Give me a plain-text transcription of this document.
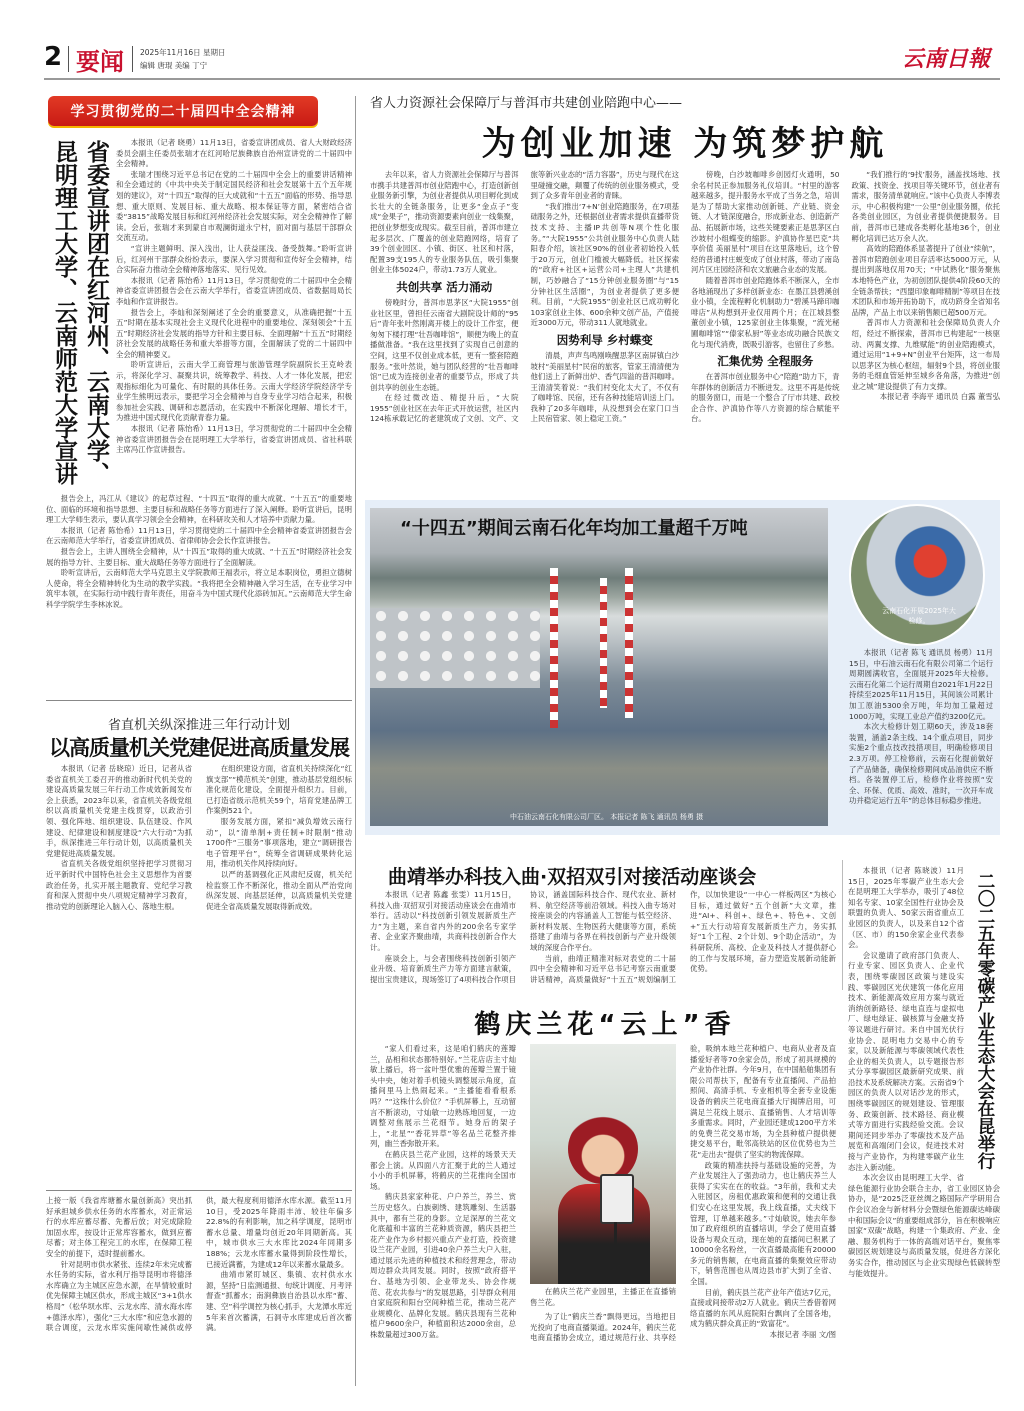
2 要闻 2025年11月16日 星期日
编辑 唐琨 美编 丁宁	云南日報
学习贯彻党的二十届四中全会精神
省委宣讲团在红河州、云南大学、昆明理工大学、云南师范大学宣讲	本报讯（记者 晓勇）11月13日，省委宣讲团成员、省人大财政经济委员会副主任委员张瑞才在红河哈尼族彝族自治州宣讲党的二十届四中全会精神。

张瑞才围绕习近平总书记在党的二十届四中全会上的重要讲话精神和全会通过的《中共中央关于制定国民经济和社会发展第十五个五年规划的建议》，对“十四五”取得的巨大成就和“十五五”面临的形势、指导思想、重大原则、发展目标、重大战略、根本保证等方面，紧密结合省委“3815”战略发展目标和红河州经济社会发展实际，对全会精神作了解读。会后，张瑞才来到蒙自市观澜街道永宁村，面对面与基层干部群众交流互动。

“宣讲主题鲜明、深入浅出，让人获益匪浅、备受鼓舞。”聆听宣讲后，红河州干部群众纷纷表示，要深入学习贯彻和宣传好全会精神，结合实际奋力推动全会精神落地落实、见行见效。

本报讯（记者 陈怡希）11月13日，学习贯彻党的二十届四中全会精神省委宣讲团报告会在云南大学举行，省委宣讲团成员、省数据局局长李灿和作宣讲报告。

报告会上，李灿和深刻阐述了全会的重要意义，从准确把握“十五五”时期在基本实现社会主义现代化进程中的重要地位、深刻领会“十五五”时期经济社会发展的指导方针和主要目标、全面理解“十五五”时期经济社会发展的战略任务和重大举措等方面，全面解读了党的二十届四中全会的精神要义。

聆听宣讲后，云南大学工商管理与旅游管理学院副院长王克岭表示，将深化学习、凝聚共识，统筹教学、科技、人才一体化发展，把宏观指标细化为可量化、有时限的具体任务。云南大学经济学院经济学专业学生熊明远表示，要把学习全会精神与自身专业学习结合起来，积极参加社会实践、调研和志愿活动，在实践中不断深化理解、增长才干，为推进中国式现代化贡献青春力量。

本报讯（记者 陈怡希）11月13日，学习贯彻党的二十届四中全会精神省委宣讲团报告会在昆明理工大学举行，省委宣讲团成员、省社科联主席冯江作宣讲报告。

报告会上，冯江从《建议》的起草过程、“十四五”取得的重大成就、“十五五”的重要地位、面临的环境和指导思想、主要目标和战略任务等方面进行了深入阐释。聆听宣讲后，昆明理工大学师生表示，要认真学习领会全会精神，在科研攻关和人才培养中贡献力量。

本报讯（记者 陈怡希）11月13日，学习贯彻党的二十届四中全会精神省委宣讲团报告会在云南师范大学举行，省委宣讲团成员、省律师协会会长作宣讲报告。

报告会上，主讲人围绕全会精神，从“十四五”取得的重大成就、“十五五”时期经济社会发展的指导方针、主要目标、重大战略任务等方面进行了全面解读。

聆听宣讲后，云南师范大学马克思主义学院教师王福表示，将立足本职岗位，勇担立德树人使命，将全会精神转化为生动的教学实践。“我将把全会精神融入学习生活，在专业学习中筑牢本领，在实际行动中践行青年责任，用奋斗为中国式现代化添砖加瓦。”云南师范大学生命科学学院学生李林冰说。

省直机关纵深推进三年行动计划
以高质量机关党建促进高质量发展

本报讯（记者 岳晓琼）近日，记者从省委省直机关工委召开的推动新时代机关党的建设高质量发展三年行动工作成效新闻发布会上获悉，2023年以来，省直机关各级党组织以高质量机关党建主线贯穿，以政治引领、强化阵地、组织建设、队伍建设、作风建设、纪律建设和制度建设“六大行动”为抓手，纵深推进三年行动计划，以高质量机关党建促进高质量发展。

省直机关各级党组织坚持把学习贯彻习近平新时代中国特色社会主义思想作为首要政治任务，扎实开展主题教育、党纪学习教育和深入贯彻中央八项规定精神学习教育，推动党的创新理论入脑入心、落地生根。

在组织建设方面，省直机关持续深化“红旗支部”“模范机关”创建，推动基层党组织标准化规范化建设，全面提升组织力。目前，已打造省级示范机关59个，培育党建品牌工作案例521个。

服务发展方面，紧扣“减负增效云南行动”，以“清单制+责任制+时限制”推动1700件“三服务”事项落地，建立“调研报告电子管理平台”，统筹全省调研成果转化运用，推动机关作风持续向好。

以严的基调强化正风肃纪反腐，机关纪检监察工作不断深化，推动全面从严治党向纵深发展、向基层延伸，以高质量机关党建促进全省高质量发展取得新成效。

上接一版《我省库塘蓄水量创新高》突出抓好承担城乡供水任务的水库蓄水，对正常运行的水库应蓄尽蓄、先蓄后放；对完成除险加固水库，按设计正常库容蓄水，做到应蓄尽蓄；对主体工程完工的水库，在保障工程安全的前提下，适时提前蓄水。

针对昆明市供水紧张、连续2年未完成蓄水任务的实际，省水利厅指导昆明市将德泽水库确立为主城区应急水源，在旱情较重时优先保障主城区供水，形成主城区“3+1供水格局”（松华坝水库、云龙水库、清水海水库+德泽水库），强化“三大水库”和应急水源的联合调度，云龙水库实施间歇性减供或停供，最大程度利用德泽水库水源。截至11月10日，受2025年降雨丰沛、较往年偏多22.8%的有利影响，加之科学调度，昆明市蓄水总量、增量均创近20年同期新高。其中，城市供水三大水库比2024年同期多188%；云龙水库蓄水量得到阶段性增长，已接近满蓄，为建成12年以来蓄水量最多。

曲靖市紧盯城区、集镇、农村供水水源，坚持“日监测通报、旬统计调度、月考评督查”抓蓄水；南涧彝族自治县以水库“蓄、建、空”科学调控为核心抓手，大龙潭水库近5年来首次蓄满，石洞寺水库建成后首次蓄满。

省人力资源社会保障厅与普洱市共建创业陪跑中心——
为创业加速 为筑梦护航

去年以来，省人力资源社会保障厅与普洱市携手共建普洱市创业陪跑中心，打造创新创业服务新引擎，为创业者提供从项目孵化到成长壮大的全链条服务，让更多“金点子”变成“金果子”，推动资源要素向创业一线集聚，把创业梦想变成现实。截至目前，普洱市建立起多层次、广覆盖的创业陪跑网络，培育了39个创业园区、小镇、街区、社区和村落，配置39支195人的专业服务队伍，吸引集聚创业主体5024户，带动1.73万人就业。

共创共享 活力涌动

傍晚时分，普洱市思茅区“大院1955”创业社区里，曾担任云南省大剧院设计师的“95后”青年张叶然刚离开楼上的设计工作室，便匆匆下楼打理“壮吾咖啡馆”，顺便为晚上的直播做准备。“我在这里找到了实现自己创意的空间，这里不仅创业成本低，更有一整套陪跑服务。”张叶然说，她与团队经营的“壮吾咖啡馆”已成为连接创业者的重要节点，形成了共创共享的创业生态链。

在经过微改造、精提升后，“大院1955”创业社区在去年正式开放运营，社区内124栋承载记忆的老建筑成了文创、文产、文旅等新兴业态的“活力容器”，历史与现代在这里碰撞交融，颠覆了传统的创业服务模式，受到了众多青年创业者的青睐。

“我们推出‘7+N’创业陪跑服务，在7项基础服务之外，还根据创业者需求提供直播带货技术支持、主播IP共创等N项个性化服务。”“大院1955”公共创业服务中心负责人陆阳春介绍，该社区90%的创业者初始投入低于20万元，创业门槛被大幅降低。社区探索的“政府+社区+运营公司+主理人”共建机制，巧妙融合了“15分钟创业服务圈”与“15分钟社区生活圈”，为创业者提供了更多便利。目前，“大院1955”创业社区已成功孵化103家创业主体、600余种文创产品，产值接近3000万元，带动311人就地就业。

因势利导 乡村蝶变

清晨，声声鸟鸣刚唤醒思茅区南屏镇白沙坡村“美丽星村”民宿的旅客，管家王清清便为他们送上了新鲜出炉、香气四溢的普洱咖啡。王清清笑着说：“我们村变化太大了，不仅有了咖啡馆、民宿，还有各种技能培训送上门。我种了20多年咖啡，从没想到会在家门口当上民宿管家、领上稳定工资。”

傍晚，白沙坡咖啡乡创园灯火通明，50余名村民正参加服务礼仪培训。“村里的游客越来越多，提升服务水平成了当务之急，培训是为了帮助大家推动创新链、产业链、资金链、人才链深度融合，形成新业态、创造新产品、拓展新市场，这些关键要素正是思茅区白沙坡村小组蝶变的缩影。沪滇协作星巴克“共享价值 美丽星村”项目在这里落地后，这个曾经的普通村庄蜕变成了创业村落，带动了南岛河片区庄园经济和农文旅融合业态的发展。

随着普洱市创业陪跑体系不断深入，全市各地涌现出了多样创新业态：在墨江县碧溪创业小镇，全流程孵化机制助力“碧溪马蹄印咖啡店”从构想到开业仅用两个月；在江城县整董创业小镇，125家创业主体集聚，“流光秘圃咖啡馆”“傣家私厨”等业态成功融合民族文化与现代消费，既吸引游客，也留住了乡愁。

汇集优势 全程服务

在普洱市创业服务中心“陪跑”助力下，青年群体的创新活力不断迸发。这里不再是传统的服务窗口，而是一个整合了厅市共建、政校企合作、沪滇协作等八方资源的综合赋能平台。

“我们推行的‘9找’服务，涵盖找场地、找政策、找资金、找项目等关键环节，创业者有需求，服务清单就响应。”该中心负责人李博表示，中心积极构建“一公里”创业服务圈，依托各类创业园区，为创业者提供便捷服务。目前，普洱市已建成各类孵化基地36个，创业孵化培训已达万余人次。

高效的陪跑体系显著提升了创业“续航”，普洱市陪跑创业项目存活率达5000万元，从提出到落地仅用70天；“中试熟化”服务聚焦本地特色产业，为初创团队提供4阶段60天的全链条帮扶；“西盟印象咖啡精制”等项目在技术团队和市场开拓协助下，成功跻身全省知名品牌，产品上市以来销售额已超500万元。

普洱市人力资源和社会保障局负责人介绍，经过不断探索，普洱市已构建起“一核驱动、两翼支撑、九维赋能”的创业陪跑模式，通过运用“1+9+N”创业平台矩阵，这一布局以思茅区为核心枢纽，辐射9个县，将创业服务的毛细血管延伸至城乡各角落，为推进“创业之城”建设提供了有力支撑。

本报记者 李海平 通讯员 白露 董雪弘

“十四五”期间云南石化年均加工量超千万吨
中石油云南石化有限公司厂区。 本报记者 陈飞 通讯员 杨勇 摄
云南石化开展2025年大检修。

本报讯（记者 陈飞 通讯员 杨勇）11月15日，中石油云南石化有限公司第二个运行周期圆满收官，全面展开2025年大检修。云南石化第二个运行周期自2021年1月22日持续至2025年11月15日，其间该公司累计加工原油5300余万吨，年均加工量超过1000万吨，实现工业总产值约3200亿元。

本次大检修计划工期60天，涉及18套装置，涵盖2条主线、14个重点项目，同步实施2个重点技改技措项目，明确检修项目2.3万项。停工检修前，云南石化提前做好了产品储备，确保检修期间成品油供应不断档。各装置停工后，检修作业将按照“安全、环保、优质、高效、准时，一次开车成功并稳定运行五年”的总体目标稳步推进。

曲靖举办科技入曲·双招双引对接活动座谈会

本报讯（记者 陈鑫 张雯）11月15日，科技入曲·双招双引对接活动座谈会在曲靖市举行。活动以“科技创新引领发展新质生产力”为主题，来自省内外的200余名专家学者、企业家齐聚曲靖，共商科技创新合作大计。

座谈会上，与会者围绕科技创新引领产业升级、培育新质生产力等方面建言献策，提出宝贵建议，现场签订了4项科技合作项目协议，涵盖国际科技合作、现代农业、新材料、航空经济等前沿领域。科技入曲专场对接座谈会的内容涵盖人工智能与低空经济、新材料发展、生物医药大健康等方面，系统搭建了曲靖与各界在科技创新与产业升级领域的深度合作平台。

当前，曲靖正精准对标对表党的二十届四中全会精神和习近平总书记考察云南重要讲话精神，高质量做好“十五五”规划编制工作，以加快建设“一中心一样板两区”为核心目标，通过做好“五个创新”大文章，推进“AI+、科创+、绿色+、特色+、文创+”五大行动培育发展新质生产力，务实抓好“1个工程、2个计划、9个助企活动”，为科研院所、高校、企业及科技人才提供舒心的工作与发展环境，奋力塑造发展新动能新优势。	二〇二五年零碳产业生态大会在昆举行

本报讯（记者 陈晓波）11月15日，2025年零碳产业生态大会在昆明理工大学举办，吸引了48位知名专家、10家全国性行业协会及联盟的负责人、50家云南省重点工业园区的负责人，以及来自12个省（区、市）的150余家企业代表参会。

会议邀请了政府部门负责人、行业专家、园区负责人、企业代表，围绕零碳园区政策与建设实践、零碳园区光伏建筑一体化应用技术、新能源高效应用方案与就近消纳创新路径、绿电直连与虚拟电厂、绿电绿证、碳核算与金融支持等议题进行研讨。来自中国光伏行业协会、昆明电力交易中心的专家，以及新能源与零碳领域代表性企业的相关负责人，以专题报告形式分享零碳园区最新研究成果、前沿技术及系统解决方案。云南省9个园区的负责人以对话沙龙的形式，围绕零碳园区的规划建设、管理服务、政策创新、技术路径、商业模式等方面进行实践经验交流。会议期间还同步举办了零碳技术及产品展览和高端闭门会议，促进技术对接与产业协作，为构建零碳产业生态注入新动能。

本次会议由昆明理工大学、省绿色能源行业协会联合主办，省工业园区协会协办，是“2025泛亚丝绸之路国际产学研用合作会议冶金与新材料分会暨绿色能源碳达峰碳中和国际会议”的重要组成部分，旨在积极响应国家“双碳”战略，构建一个集政府、产业、金融、服务机构于一体的高端对话平台，聚焦零碳园区规划建设与高质量发展，促进各方深化务实合作，推动园区与企业实现绿色低碳转型与能效提升。

鹤庆兰花“云上”香

“家人们看过来，这是咱们鹤庆的莲瓣兰，品相和状态都特别好。”兰花店店主寸灿敏上播后，将一盆叶型优雅的莲瓣兰置于镜头中央，她对着手机镜头调整展示角度，直播间里马上热闹起来。“主播能看看根系吗？”“这株什么价位？”手机屏幕上，互动留言不断滚动，寸灿敏一边熟练地回复，一边调整对焦展示兰花细节。她身后的架子上，“北星”“香花异草”等名品兰花整齐排列，幽兰香弥散开来。

在鹤庆县兰花产业园，这样的场景天天都会上演。从四面八方汇聚于此的兰人通过小小的手机屏幕，将鹤庆的兰花推向全国市场。

鹤庆县家家种花、户户养兰，养兰、赏兰历史悠久。白族刺绣、建筑雕刻、生活器具中，都有兰花的身影。立足深厚的兰花文化底蕴和丰富的兰花种质资源，鹤庆县把兰花产业作为乡村振兴重点产业打造，投资建设兰花产业园，引进40余户养兰大户入驻，通过展示先进的种植技术和经营理念，带动周边群众共同发展。同时，按照“政府搭平台、基地为引领、企业带龙头、协会作规范、花农共参与”的发展思路，引导群众利用自家庭院和阳台空间种植兰花，推动兰花产业规模化、品牌化发展。鹤庆县现有兰花种植户9600余户，种植面积达2000余亩，总株数量超过300万盆。

在鹤庆兰花产业园里，主播正在直播销售兰花。

为了让“鹤庆兰香”飘得更远，当地把目光投向了电商直播渠道。2024年，鹤庆兰花电商直播协会成立，通过规范行业、共享经验，吸纳本地兰花种植户、电商从业者及直播爱好者等70余家会员，形成了初具规模的产业协作社群。今年9月，在中国船舶集团有限公司帮扶下，配备有专业直播间、产品拍照间、高清手机、专业相机等全套专业设施设备的鹤庆兰花电商直播大厅揭牌启用，可满足兰花线上展示、直播销售、人才培训等多重需求。同时，产业园还建成1200平方米的免费兰花交易市场，为全县种植户提供便捷交易平台，毗邻高铁站的区位优势也为兰花“走出去”提供了坚实的物流保障。

政策的精准扶持与基础设施的完善，为产业发展注入了强劲动力，也让鹤庆养兰人获得了实实在在的收益。“3年前，我和丈夫入驻园区，房租优惠政策和便利的交通让我们安心在这里发展，我上线直播，丈夫线下管理，订单越来越多。”寸灿敏说，她去年参加了政府组织的直播培训，学会了使用直播设备与观众互动，现在她的直播间已积累了10000余名粉丝，一次直播最高能有20000多元的销售额，在电商直播的集聚效应带动下，销售范围也从周边县市扩大到了全省、全国。

目前，鹤庆县兰花产业年产值达7亿元，直接或间接带动2万人就业。鹤庆兰香借着网络直播的东风从庭院阳台飘向了全国各地，成为鹤庆群众真正的“致富花”。

本报记者 李丽 文/图
